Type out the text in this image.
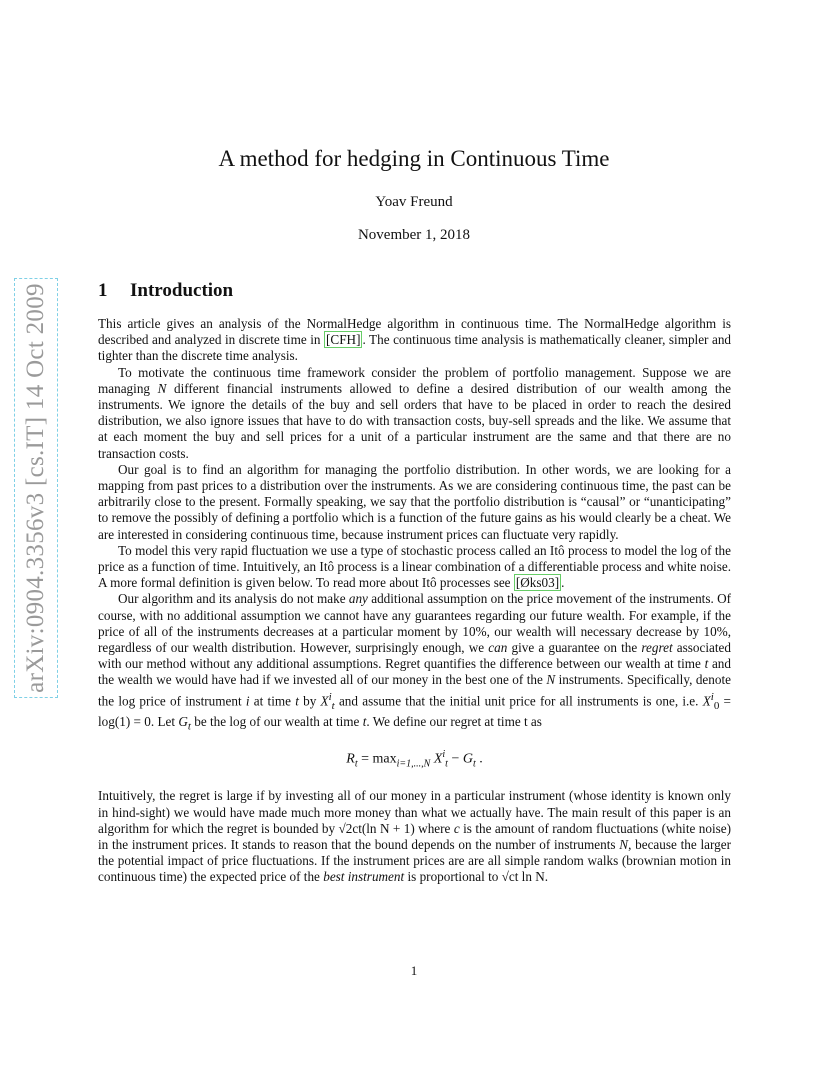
arXiv:0904.3356v3 [cs.IT] 14 Oct 2009
A method for hedging in Continuous Time
Yoav Freund
November 1, 2018
1 Introduction

This article gives an analysis of the NormalHedge algorithm in continuous time. The NormalHedge algorithm is described and analyzed in discrete time in [CFH] . The continuous time analysis is mathematically cleaner, simpler and tighter than the discrete time analysis.

To motivate the continuous time framework consider the problem of portfolio management. Suppose we are managing N different financial instruments allowed to define a desired distribution of our wealth among the instruments. We ignore the details of the buy and sell orders that have to be placed in order to reach the desired distribution, we also ignore issues that have to do with transaction costs, buy-sell spreads and the like. We assume that at each moment the buy and sell prices for a unit of a particular instrument are the same and that there are no transaction costs.

Our goal is to find an algorithm for managing the portfolio distribution. In other words, we are looking for a mapping from past prices to a distribution over the instruments. As we are considering continuous time, the past can be arbitrarily close to the present. Formally speaking, we say that the portfolio distribution is “causal” or “unanticipating” to remove the possibly of defining a portfolio which is a function of the future gains as his would clearly be a cheat. We are interested in considering continuous time, because instrument prices can fluctuate very rapidly.

To model this very rapid fluctuation we use a type of stochastic process called an Itô process to model the log of the price as a function of time. Intuitively, an Itô process is a linear combination of a differentiable process and white noise. A more formal definition is given below. To read more about Itô processes see [Øks03] .

Our algorithm and its analysis do not make any additional assumption on the price movement of the instruments. Of course, with no additional assumption we cannot have any guarantees regarding our future wealth. For example, if the price of all of the instruments decreases at a particular moment by 10%, our wealth will necessary decrease by 10%, regardless of our wealth distribution. However, surprisingly enough, we can give a guarantee on the regret associated with our method without any additional assumptions. Regret quantifies the difference between our wealth at time t and the wealth we would have had if we invested all of our money in the best one of the N instruments. Specifically, denote the log price of instrument i at time t by $X^i_t$ and assume that the initial unit price for all instruments is one, i.e. $X^i_0 = \log(1) = 0$. Let $G_t$ be the log of our wealth at time t. We define our regret at time t as

$R_t = \max_{i=1,...,N} X^i_t - G_t$ .

Intuitively, the regret is large if by investing all of our money in a particular instrument (whose identity is known only in hind-sight) we would have made much more money than what we actually have. The main result of this paper is an algorithm for which the regret is bounded by √2ct(ln N + 1) where c is the amount of random fluctuations (white noise) in the instrument prices. It stands to reason that the bound depends on the number of instruments N, because the larger the potential impact of price fluctuations. If the instrument prices are are all simple random walks (brownian motion in continuous time) the expected price of the best instrument is proportional to √ct ln N.

1
